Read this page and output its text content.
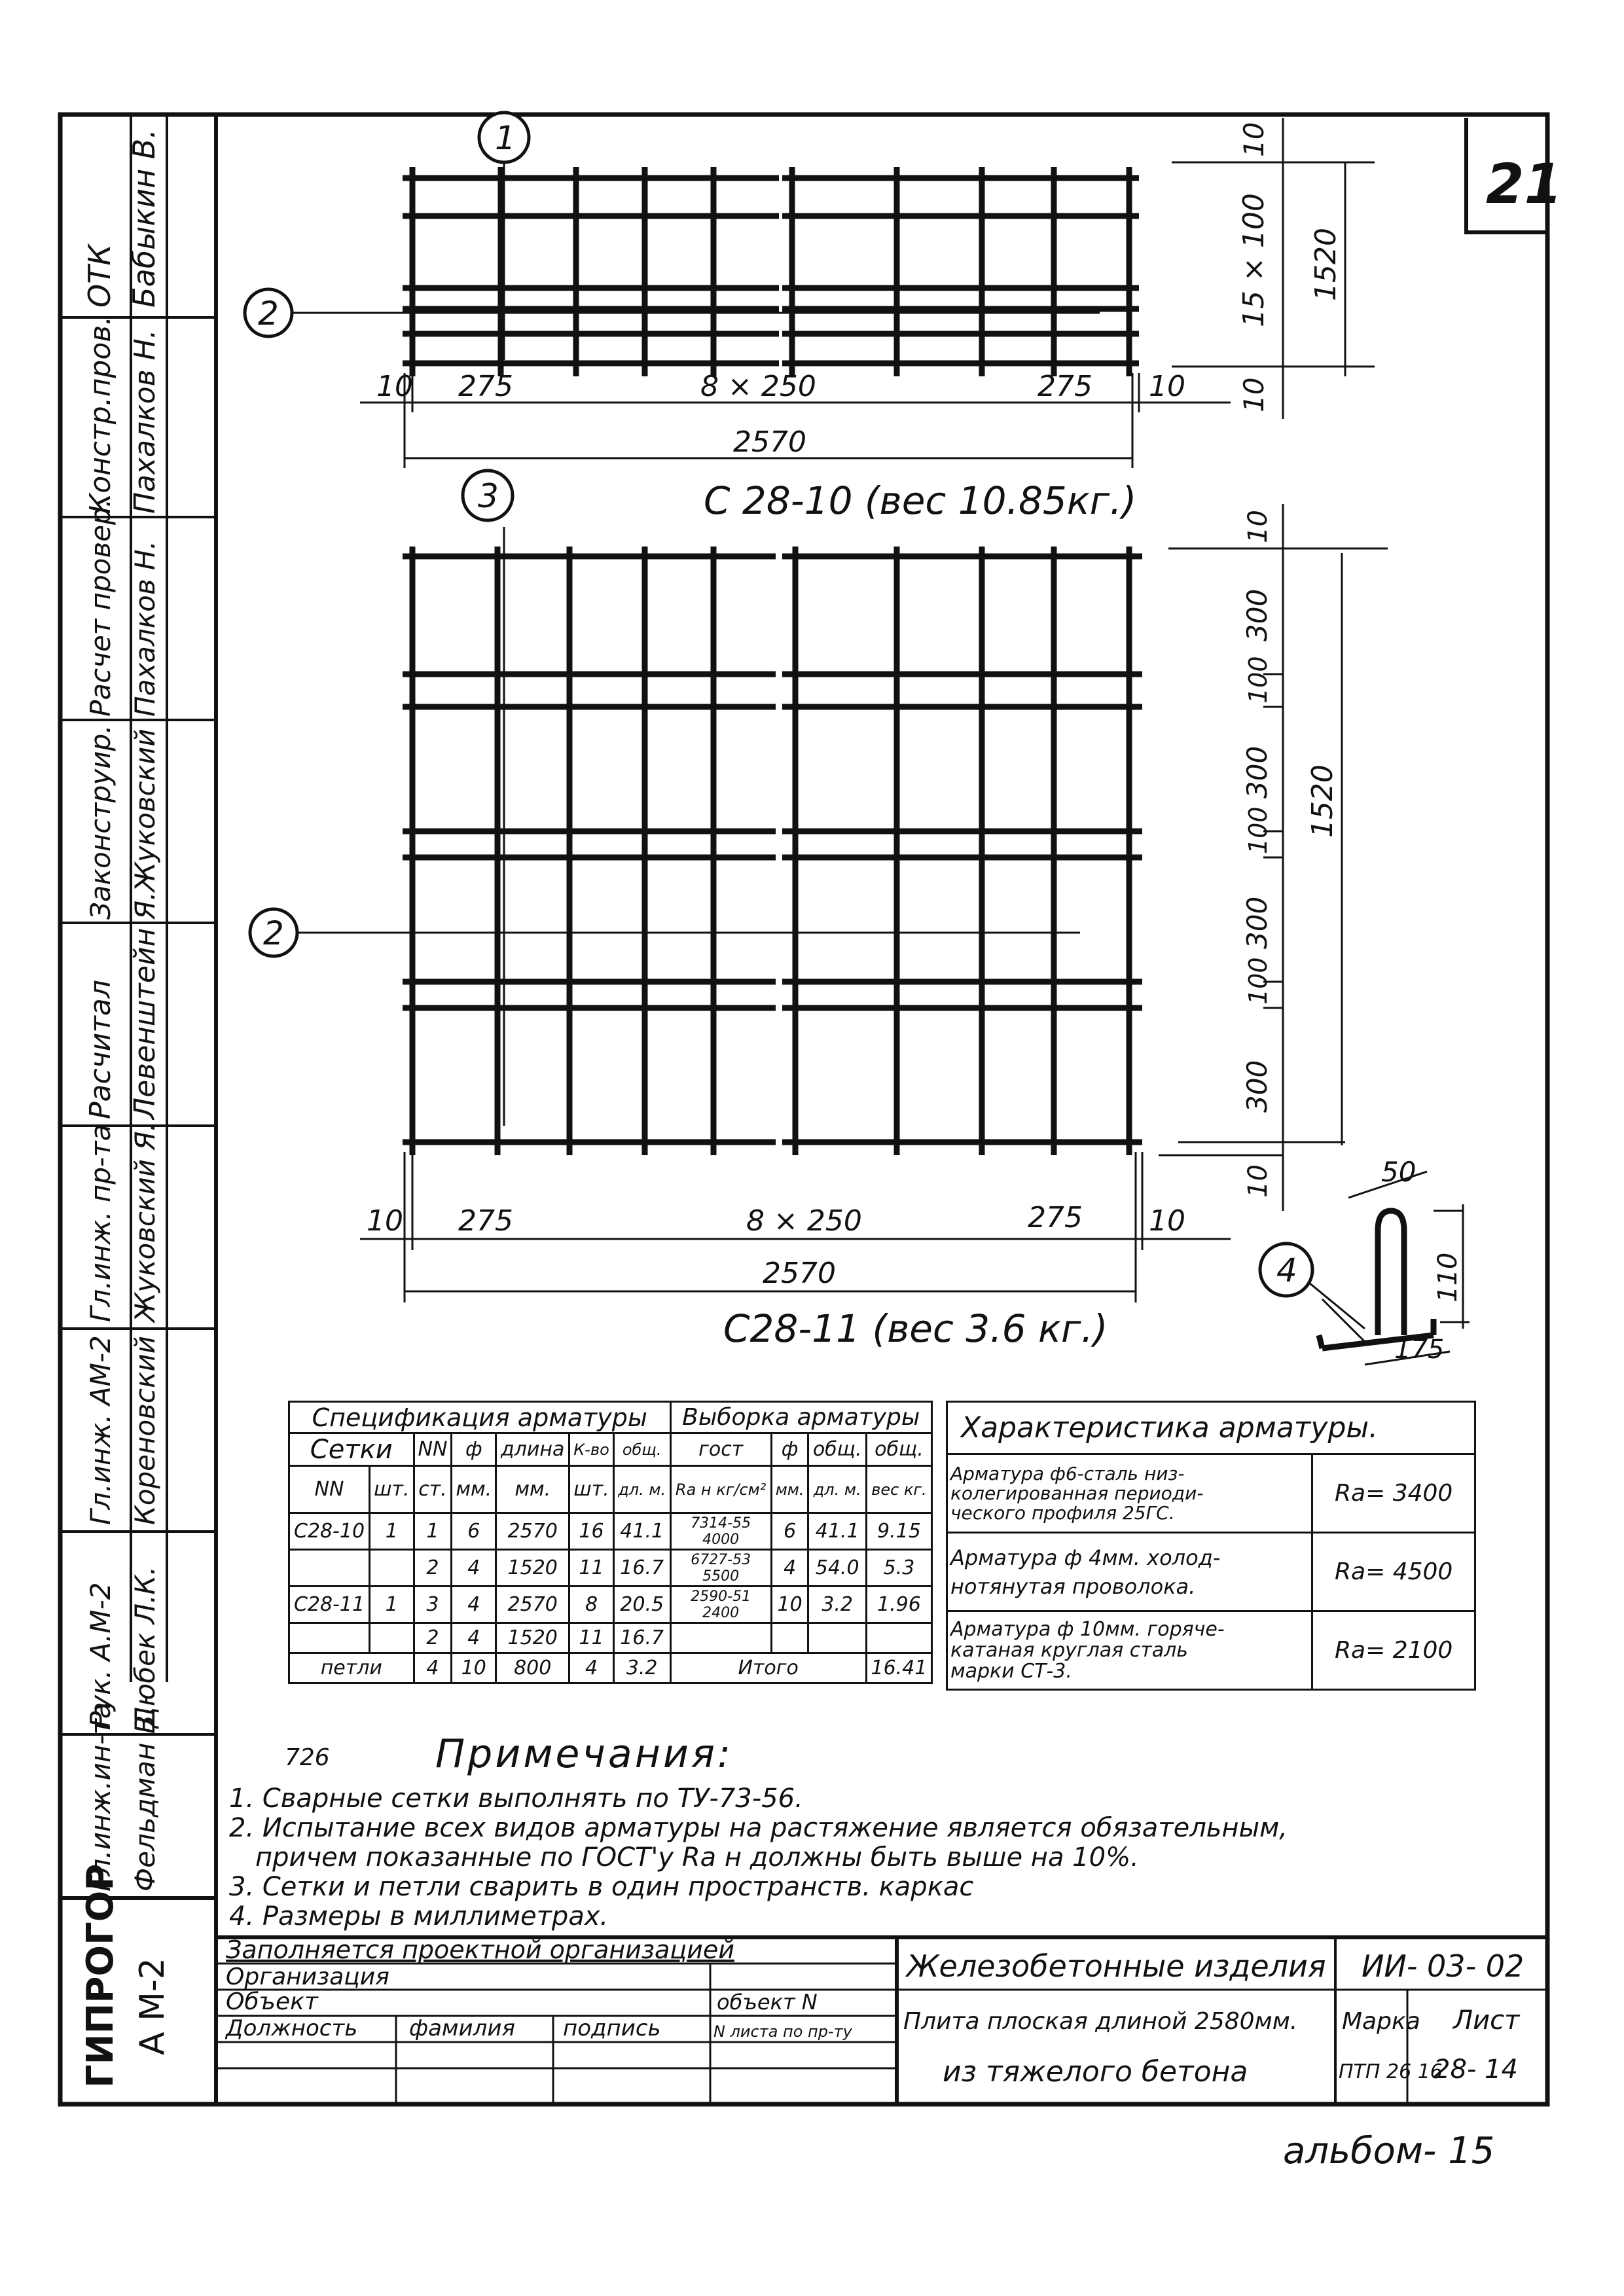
ОТК Бабыкин В.
Констр.пров. Пахалков Н.
Расчет провер. Пахалков Н.
Законструир. Я.Жуковский
Расчитал Левенштейн
Гл.инж. пр-та Жуковский Я.
Гл.инж. АМ-2 Кореновский
Рук. А.М-2 Дюбек Л.К.
Гл.инж.ин-та Фельдман В.
ГИПРОГОР А М-2
21
1
2
10 275	8 × 250	275 10
2570
С 28-10 (вес 10.85кг.)
10
15 × 100 1520
10
3
2
10 275	8 × 250	275 10
2570
С28-11 (вес 3.6 кг.)
10
300
100
300
100
300
100
300
10
1520
4
50
110
175
Заполняется проектной организацией
Организация
Объект
Должность фамилия подпись
объект N
N листа по пр-ту
Железобетонные изделия ИИ- 03- 02
Плита плоская длиной 2580мм.
из тяжелого бетона
Марка
ПТП 26 16
Лист
28- 14
альбом- 15
Спецификация арматуры							Выборка арматуры			
Сетки		NN	ф	длина	К-во	общ.	гост	ф	общ.	общ.
NN	шт.	ст.	мм.	мм.	шт.	дл. м.	Ra н кг/см²	мм.	дл. м.	вес кг.
С28-10	1	1	6	2570	16	41.1	7314-55
4000	6	41.1	9.15
		2	4	1520	11	16.7	6727-53
5500	4	54.0	5.3
С28-11	1	3	4	2570	8	20.5	2590-51
2400	10	3.2	1.96
		2	4	1520	11	16.7				
петли		4	10	800	4	3.2	Итого			16.41
Характеристика арматуры.	

Арматура ф6-сталь низ-
колегированная периоди-
ческого профиля 25ГС.	Ra= 3400

Арматура ф 4мм. холод-
нотянутая проволока.	Ra= 4500

Арматура ф 10мм. горяче-
катаная круглая сталь
марки СТ-3.	Ra= 2100
726	Примечания:
1. Сварные сетки выполнять по ТУ-73-56.
2. Испытание всех видов арматуры на растяжение является обязательным,
причем показанные по ГОСТ'у Ra н должны быть выше на 10%.
3. Сетки и петли сварить в один пространств. каркас
4. Размеры в миллиметрах.
